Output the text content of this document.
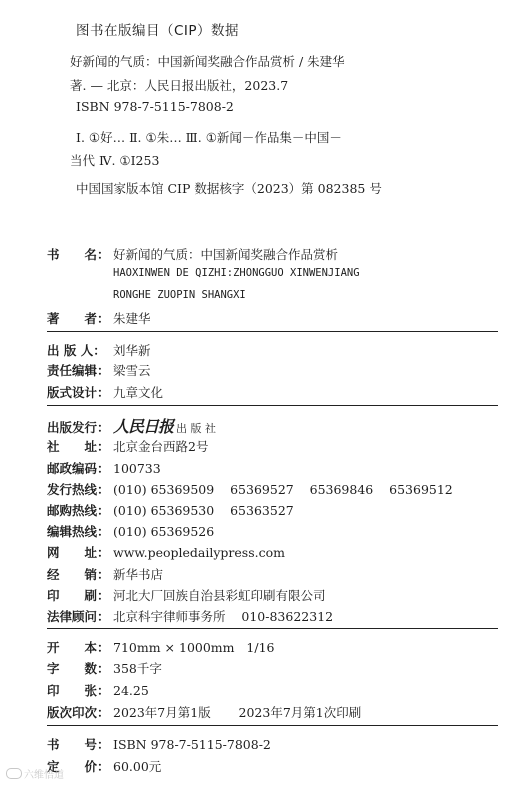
图书在版编目（CIP）数据
好新闻的气质：中国新闻奖融合作品赏析 / 朱建华
著. — 北京：人民日报出版社，2023.7
ISBN 978-7-5115-7808-2
Ⅰ. ①好… Ⅱ. ①朱… Ⅲ. ①新闻－作品集－中国－
当代 Ⅳ. ①I253
中国国家版本馆 CIP 数据核字（2023）第 082385 号
书　　名： 好新闻的气质：中国新闻奖融合作品赏析
HAOXINWEN DE QIZHI:ZHONGGUO XINWENJIANG
RONGHE ZUOPIN SHANGXI
著　　者： 朱建华
出 版 人： 刘华新
责任编辑： 梁雪云
版式设计： 九章文化
出版发行： 人民日报 出 版 社
社　　址： 北京金台西路2号
邮政编码： 100733
发行热线： (010) 65369509    65369527    65369846    65369512
邮购热线： (010) 65369530    65363527
编辑热线： (010) 65369526
网　　址： www.peopledailypress.com
经　　销： 新华书店
印　　刷： 河北大厂回族自治县彩虹印刷有限公司
法律顾问： 北京科宇律师事务所    010-83622312
开　　本： 710mm × 1000mm   1/16
字　　数： 358千字
印　　张： 24.25
版次印次： 2023年7月第1版       2023年7月第1次印刷
书　　号： ISBN 978-7-5115-7808-2
定　　价： 60.00元
六维悟道
